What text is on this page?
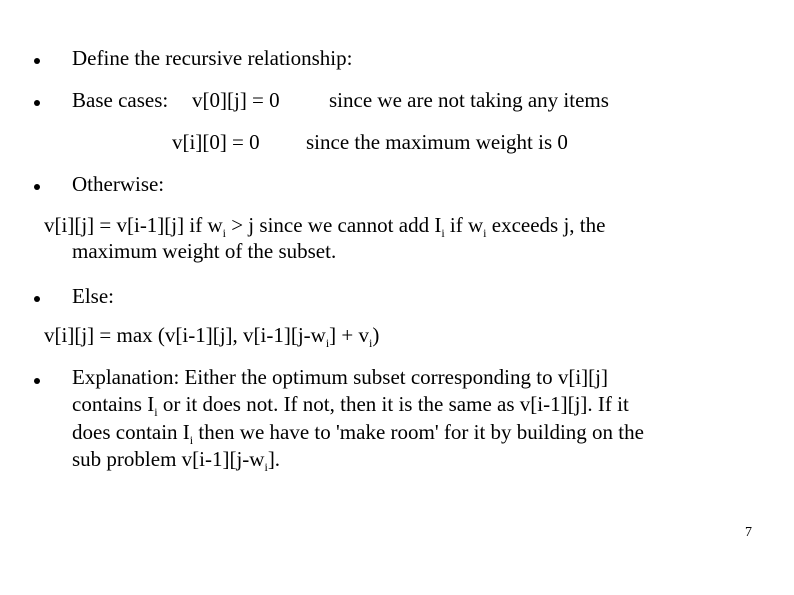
Define the recursive relationship:
Base cases: v[0][j] = 0 since we are not taking any items
v[i][0] = 0 since the maximum weight is 0
Otherwise:
v[i][j] = v[i-1][j] if $w_i > j$ since we cannot add $I_i$ if $w_i$ exceeds j, the
maximum weight of the subset.
Else:
v[i][j] = max (v[i-1][j], $v[i-1][j-w_i] + v_i$)
Explanation: Either the optimum subset corresponding to v[i][j]
contains $I_i$ or it does not. If not, then it is the same as v[i-1][j]. If it
does contain $I_i$ then we have to 'make room' for it by building on the
sub problem $v[i-1][j-w_i]$.
7
